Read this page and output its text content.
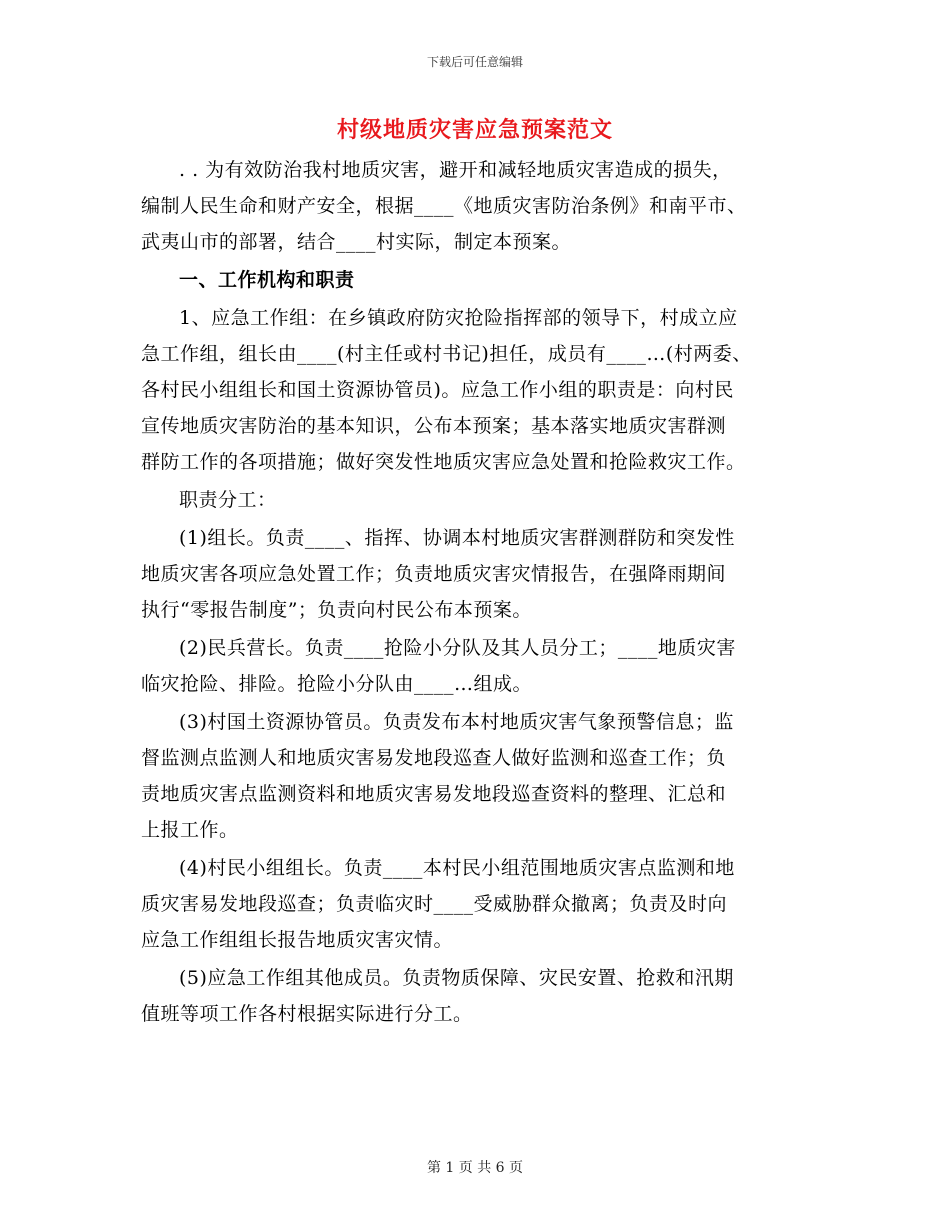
下载后可任意编辑
村级地质灾害应急预案范文
. . 为有效防治我村地质灾害，避开和减轻地质灾害造成的损失，
编制人民生命和财产安全，根据____《地质灾害防治条例》和南平市、
武夷山市的部署，结合____村实际，制定本预案。
一、工作机构和职责
1、应急工作组：在乡镇政府防灾抢险指挥部的领导下，村成立应
急工作组，组长由____(村主任或村书记)担任，成员有____…(村两委、
各村民小组组长和国土资源协管员)。应急工作小组的职责是：向村民
宣传地质灾害防治的基本知识，公布本预案；基本落实地质灾害群测
群防工作的各项措施；做好突发性地质灾害应急处置和抢险救灾工作。
职责分工：
(1)组长。负责____、指挥、协调本村地质灾害群测群防和突发性
地质灾害各项应急处置工作；负责地质灾害灾情报告，在强降雨期间
执行“零报告制度”；负责向村民公布本预案。
(2)民兵营长。负责____抢险小分队及其人员分工；____地质灾害
临灾抢险、排险。抢险小分队由____…组成。
(3)村国土资源协管员。负责发布本村地质灾害气象预警信息；监
督监测点监测人和地质灾害易发地段巡查人做好监测和巡查工作；负
责地质灾害点监测资料和地质灾害易发地段巡查资料的整理、汇总和
上报工作。
(4)村民小组组长。负责____本村民小组范围地质灾害点监测和地
质灾害易发地段巡查；负责临灾时____受威胁群众撤离；负责及时向
应急工作组组长报告地质灾害灾情。
(5)应急工作组其他成员。负责物质保障、灾民安置、抢救和汛期
值班等项工作各村根据实际进行分工。
第 1 页 共 6 页
